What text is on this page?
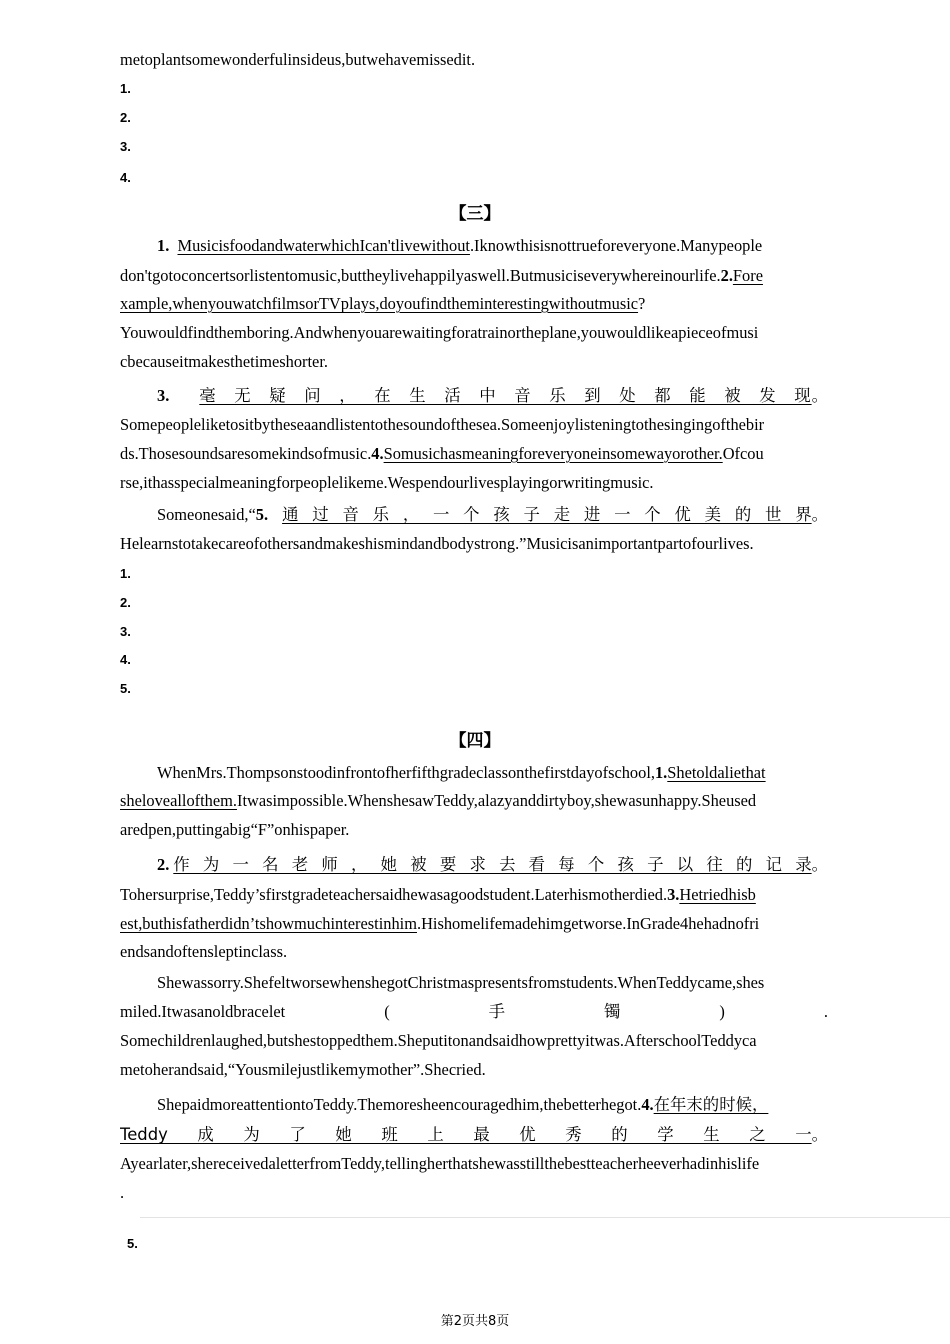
metoplantsomewonderfulinsideus,butwehavemissedit.
1.
2.
3.
4.
【三】
1. MusicisfoodandwaterwhichIcan'tlivewithout.Iknowthisisnottrueforeveryone.Manypeople
don'tgotoconcertsorlistentomusic,buttheylivehappilyaswell.Butmusiciseverywhereinourlife.2.Fore
xample,whenyouwatchfilmsorTVplays,doyoufindtheminterestingwithoutmusic?
Youwouldfindthemboring.Andwhenyouarewaitingforatrainortheplane,youwouldlikeapieceofmusi
cbecauseitmakesthetimeshorter.
3. 毫无疑问，在生活中音乐到处都能被发现 。
Somepeopleliketositbytheseaandlistentothesoundofthesea.Someenjoylisteningtothesingingofthebir
ds.Thosesoundsaresomekindsofmusic.4.Somusichasmeaningforeveryoneinsomewayorother.Ofcou
rse,ithasspecialmeaningforpeoplelikeme.Wespendourlivesplayingorwritingmusic.
Someonesaid,“ 5. 通过音乐，一个孩子走进一个优美的世界 。
Helearnstotakecareofothersandmakeshismindandbodystrong.”Musicisanimportantpartofourlives.
1.
2.
3.
4.
5.
【四】
WhenMrs.Thompsonstoodinfrontofherfifthgradeclassonthefirstdayofschool,1.Shetoldaliethat
sheloveallofthem.Itwasimpossible.WhenshesawTeddy,alazyanddirtyboy,shewasunhappy.Sheused
aredpen,puttingabig“F”onhispaper.
2. 作为一名老师，她被要求去看每个孩子以往的记录 。
Tohersurprise,Teddy’sfirstgradeteachersaidhewasagoodstudent.Laterhismotherdied.3.Hetriedhisb
est,buthisfatherdidn’tshowmuchinterestinhim.Hishomelifemadehimgetworse.InGrade4hehadnofri
endsandoftensleptinclass.
Shewassorry.ShefeltworsewhenshegotChristmaspresentsfromstudents.WhenTeddycame,shes
miled.Itwasanoldbracelet	(	手	镯	)	.
Somechildrenlaughed,butshestoppedthem.Sheputitonandsaidhowprettyitwas.AfterschoolTeddyca
metoherandsaid,“Yousmilejustlikemymother”.Shecried.
ShepaidmoreattentiontoTeddy.Themoresheencouragedhim,thebetterhegot.4.在年末的时候，
Teddy成为了她班上最优秀的学生之一 。
Ayearlater,shereceivedaletterfromTeddy,tellingherthatshewasstillthebestteacherheeverhadinhislife
.
5.
第2页共8页
